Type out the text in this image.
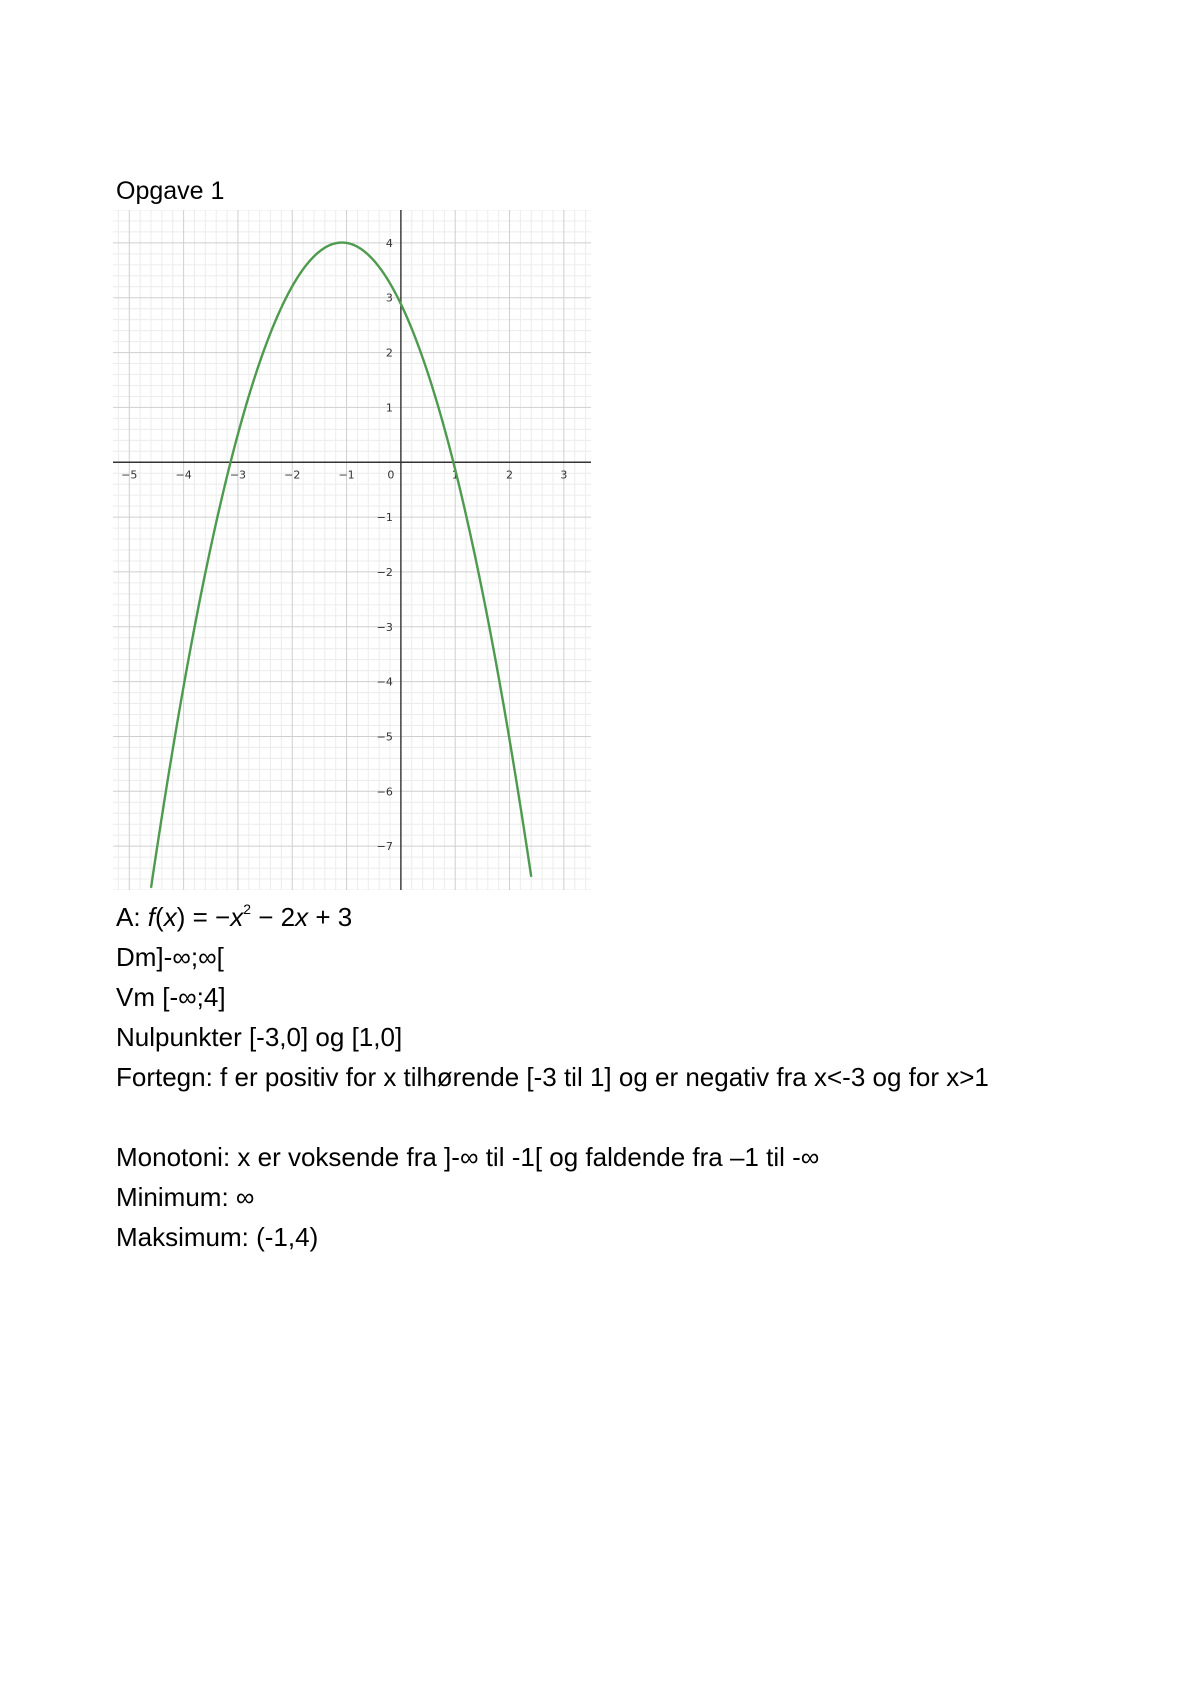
Opgave 1
−5	−4	−3	−2	−1	0	1	2	3
−7
−6
−5
−4
−3
−2
−1
1
2
3
4
A: $f(x) = -x^2 - 2x + 3$
Dm]-∞;∞[
Vm [-∞;4]
Nulpunkter [-3,0] og [1,0]
Fortegn: f er positiv for x tilhørende [-3 til 1] og er negativ fra x<-3 og for x>1
Monotoni: x er voksende fra ]-∞ til -1[ og faldende fra –1 til -∞
Minimum: ∞
Maksimum: (-1,4)
